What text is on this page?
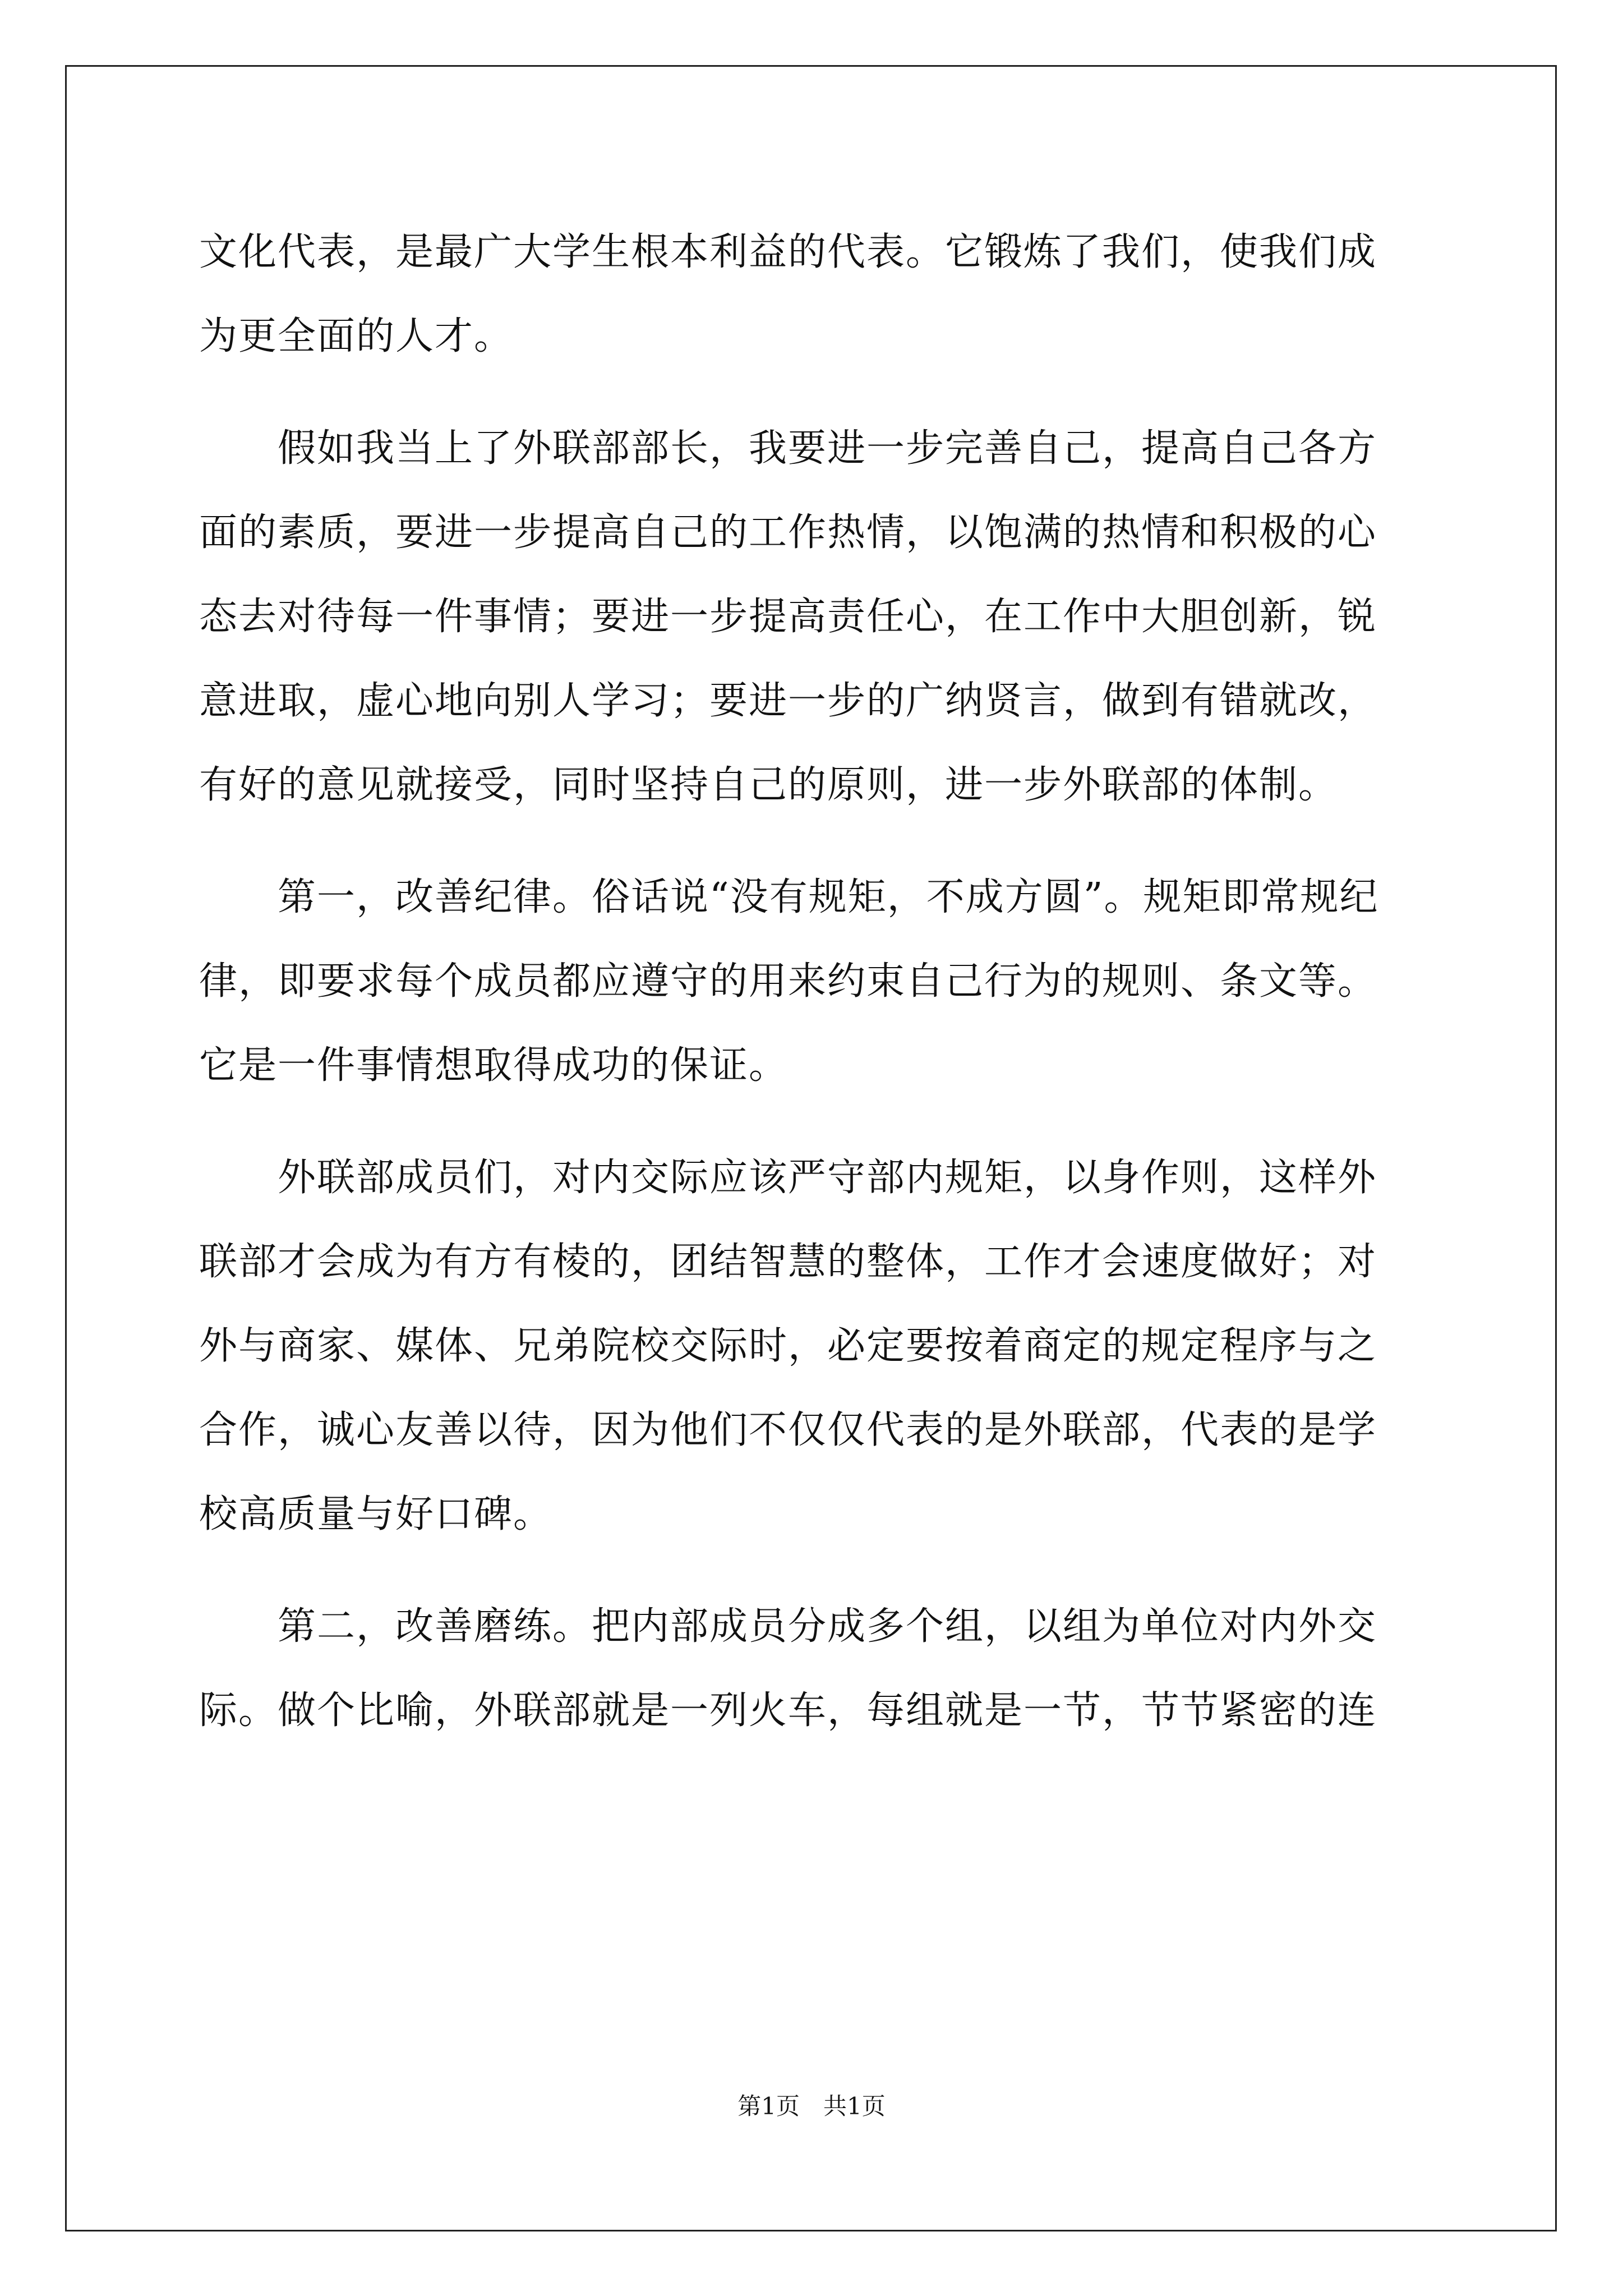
文化代表，是最广大学生根本利益的代表。它锻炼了我们，使我们成
为更全面的人才。
　　假如我当上了外联部部长，我要进一步完善自己，提高自己各方
面的素质，要进一步提高自己的工作热情，以饱满的热情和积极的心
态去对待每一件事情；要进一步提高责任心，在工作中大胆创新，锐
意进取，虚心地向别人学习；要进一步的广纳贤言，做到有错就改，
有好的意见就接受，同时坚持自己的原则，进一步外联部的体制。
　　第一，改善纪律。俗话说“没有规矩，不成方圆”。规矩即常规纪
律，即要求每个成员都应遵守的用来约束自己行为的规则、条文等。
它是一件事情想取得成功的保证。
　　外联部成员们，对内交际应该严守部内规矩，以身作则，这样外
联部才会成为有方有棱的，团结智慧的整体，工作才会速度做好；对
外与商家、媒体、兄弟院校交际时，必定要按着商定的规定程序与之
合作，诚心友善以待，因为他们不仅仅代表的是外联部，代表的是学
校高质量与好口碑。
　　第二，改善磨练。把内部成员分成多个组，以组为单位对内外交
际。做个比喻，外联部就是一列火车，每组就是一节，节节紧密的连
第1页　共1页
